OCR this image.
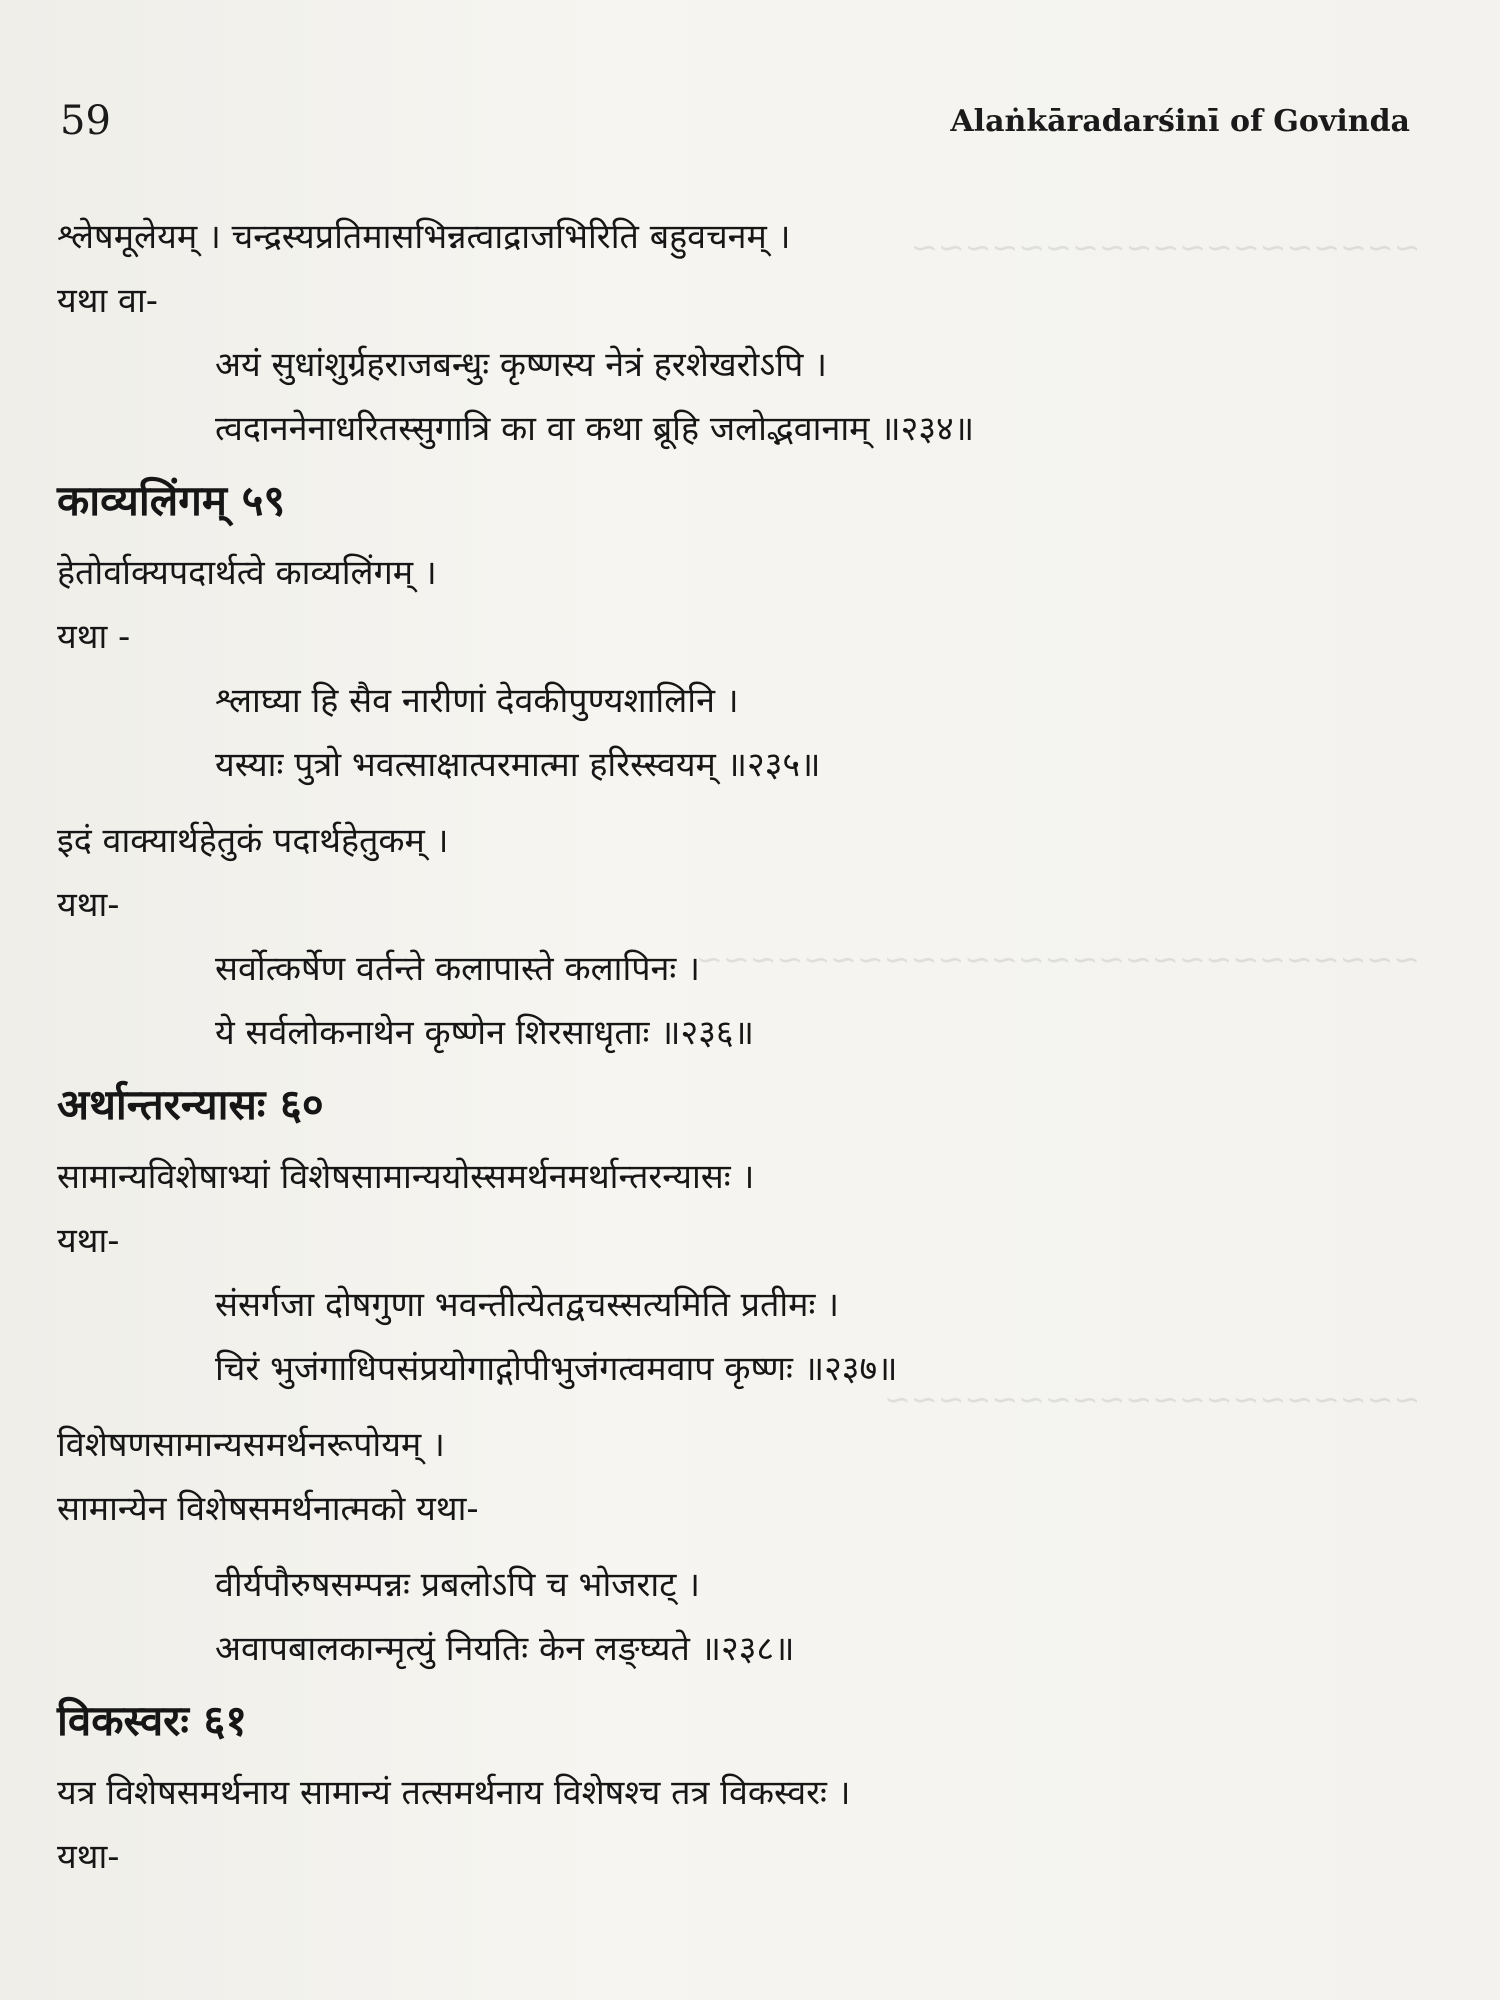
59	Alaṅkāradarśinī of Govinda
श्लेषमूलेयम् । चन्द्रस्यप्रतिमासभिन्नत्वाद्राजभिरिति बहुवचनम् ।
यथा वा-
अयं सुधांशुर्ग्रहराजबन्धुः कृष्णस्य नेत्रं हरशेखरोऽपि ।
त्वदाननेनाधरितस्सुगात्रि का वा कथा ब्रूहि जलोद्भवानाम् ॥२३४॥
काव्यलिंगम् ५९
हेतोर्वाक्यपदार्थत्वे काव्यलिंगम् ।
यथा -
श्लाघ्या हि सैव नारीणां देवकीपुण्यशालिनि ।
यस्याः पुत्रो भवत्साक्षात्परमात्मा हरिस्स्वयम् ॥२३५॥
इदं वाक्यार्थहेतुकं पदार्थहेतुकम् ।
यथा-
सर्वोत्कर्षेण वर्तन्ते कलापास्ते कलापिनः ।
ये सर्वलोकनाथेन कृष्णेन शिरसाधृताः ॥२३६॥
अर्थान्तरन्यासः ६०
सामान्यविशेषाभ्यां विशेषसामान्ययोस्समर्थनमर्थान्तरन्यासः ।
यथा-
संसर्गजा दोषगुणा भवन्तीत्येतद्वचस्सत्यमिति प्रतीमः ।
चिरं भुजंगाधिपसंप्रयोगाद्गोपीभुजंगत्वमवाप कृष्णः ॥२३७॥
विशेषणसामान्यसमर्थनरूपोयम् ।
सामान्येन विशेषसमर्थनात्मको यथा-
वीर्यपौरुषसम्पन्नः प्रबलोऽपि च भोजराट् ।
अवापबालकान्मृत्युं नियतिः केन लङ्घ्यते ॥२३८॥
विकस्वरः ६१
यत्र विशेषसमर्थनाय सामान्यं तत्समर्थनाय विशेषश्च तत्र विकस्वरः ।
यथा-
